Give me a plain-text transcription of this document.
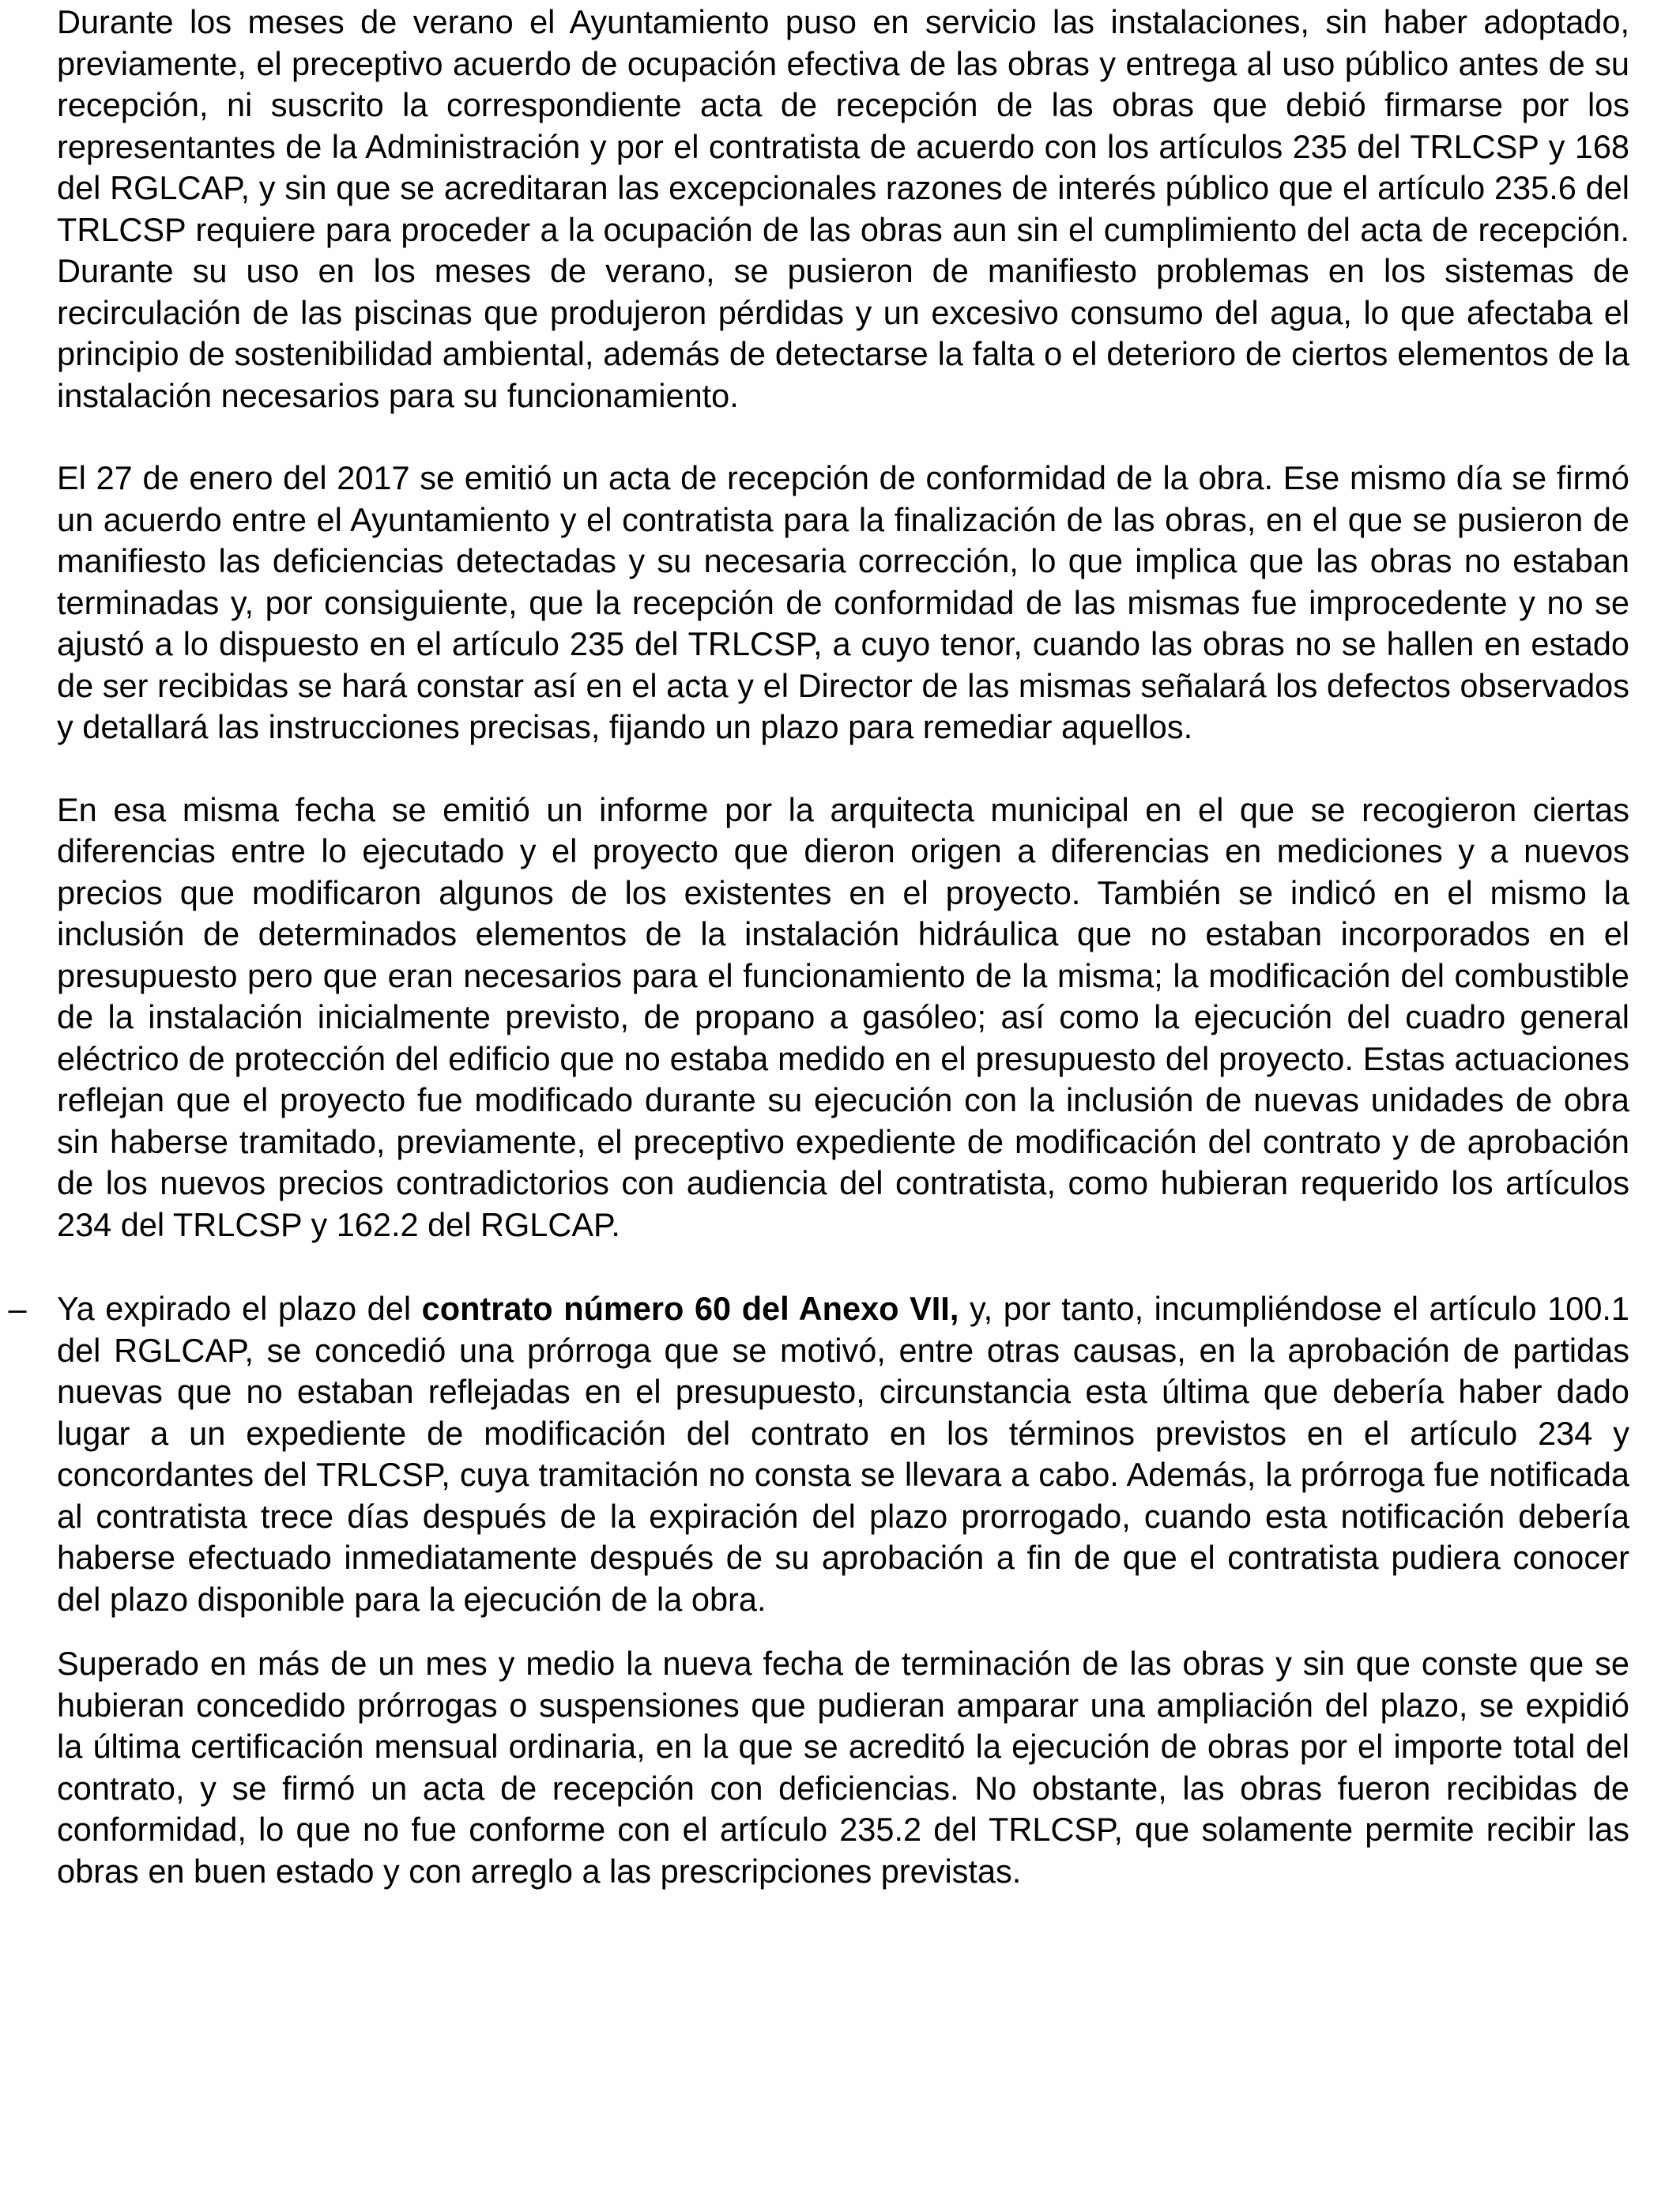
Durante los meses de verano el Ayuntamiento puso en servicio las instalaciones, sin haber adoptado, previamente, el preceptivo acuerdo de ocupación efectiva de las obras y entrega al uso público antes de su recepción, ni suscrito la correspondiente acta de recepción de las obras que debió firmarse por los representantes de la Administración y por el contratista de acuerdo con los artículos 235 del TRLCSP y 168 del RGLCAP, y sin que se acreditaran las excepcionales razones de interés público que el artículo 235.6 del TRLCSP requiere para proceder a la ocupación de las obras aun sin el cumplimiento del acta de recepción. Durante su uso en los meses de verano, se pusieron de manifiesto problemas en los sistemas de recirculación de las piscinas que produjeron pérdidas y un excesivo consumo del agua, lo que afectaba el principio de sostenibilidad ambiental, además de detectarse la falta o el deterioro de ciertos elementos de la instalación necesarios para su funcionamiento.

El 27 de enero del 2017 se emitió un acta de recepción de conformidad de la obra. Ese mismo día se firmó un acuerdo entre el Ayuntamiento y el contratista para la finalización de las obras, en el que se pusieron de manifiesto las deficiencias detectadas y su necesaria corrección, lo que implica que las obras no estaban terminadas y, por consiguiente, que la recepción de conformidad de las mismas fue improcedente y no se ajustó a lo dispuesto en el artículo 235 del TRLCSP, a cuyo tenor, cuando las obras no se hallen en estado de ser recibidas se hará constar así en el acta y el Director de las mismas señalará los defectos observados y detallará las instrucciones precisas, fijando un plazo para remediar aquellos.

En esa misma fecha se emitió un informe por la arquitecta municipal en el que se recogieron ciertas diferencias entre lo ejecutado y el proyecto que dieron origen a diferencias en mediciones y a nuevos precios que modificaron algunos de los existentes en el proyecto. También se indicó en el mismo la inclusión de determinados elementos de la instalación hidráulica que no estaban incorporados en el presupuesto pero que eran necesarios para el funcionamiento de la misma; la modificación del combustible de la instalación inicialmente previsto, de propano a gasóleo; así como la ejecución del cuadro general eléctrico de protección del edificio que no estaba medido en el presupuesto del proyecto. Estas actuaciones reflejan que el proyecto fue modificado durante su ejecución con la inclusión de nuevas unidades de obra sin haberse tramitado, previamente, el preceptivo expediente de modificación del contrato y de aprobación de los nuevos precios contradictorios con audiencia del contratista, como hubieran requerido los artículos 234 del TRLCSP y 162.2 del RGLCAP.

– Ya expirado el plazo del contrato número 60 del Anexo VII, y, por tanto, incumpliéndose el artículo 100.1 del RGLCAP, se concedió una prórroga que se motivó, entre otras causas, en la aprobación de partidas nuevas que no estaban reflejadas en el presupuesto, circunstancia esta última que debería haber dado lugar a un expediente de modificación del contrato en los términos previstos en el artículo 234 y concordantes del TRLCSP, cuya tramitación no consta se llevara a cabo. Además, la prórroga fue notificada al contratista trece días después de la expiración del plazo prorrogado, cuando esta notificación debería haberse efectuado inmediatamente después de su aprobación a fin de que el contratista pudiera conocer del plazo disponible para la ejecución de la obra.

Superado en más de un mes y medio la nueva fecha de terminación de las obras y sin que conste que se hubieran concedido prórrogas o suspensiones que pudieran amparar una ampliación del plazo, se expidió la última certificación mensual ordinaria, en la que se acreditó la ejecución de obras por el importe total del contrato, y se firmó un acta de recepción con deficiencias. No obstante, las obras fueron recibidas de conformidad, lo que no fue conforme con el artículo 235.2 del TRLCSP, que solamente permite recibir las obras en buen estado y con arreglo a las prescripciones previstas.
